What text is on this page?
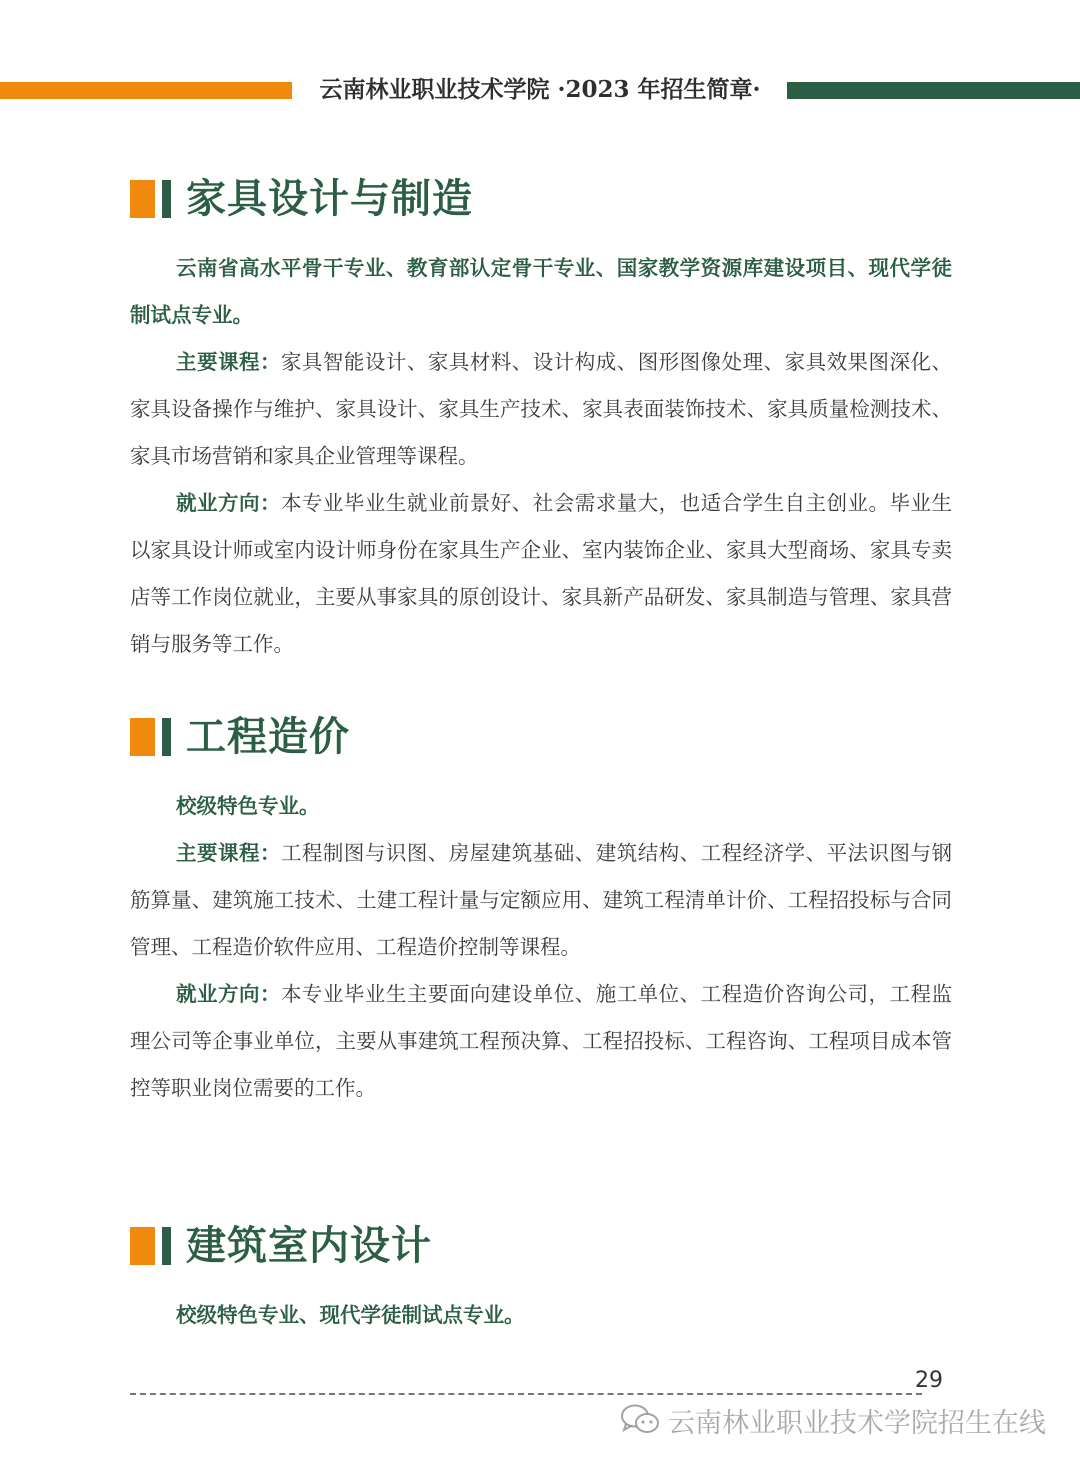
云南林业职业技术学院 ·2023 年招生简章·
家具设计与制造

云南省高水平骨干专业、教育部认定骨干专业、国家教学资源库建设项目、现代学徒制试点专业。

主要课程：家具智能设计、家具材料、设计构成、图形图像处理、家具效果图深化、家具设备操作与维护、家具设计、家具生产技术、家具表面装饰技术、家具质量检测技术、家具市场营销和家具企业管理等课程。

就业方向：本专业毕业生就业前景好、社会需求量大，也适合学生自主创业。毕业生以家具设计师或室内设计师身份在家具生产企业、室内装饰企业、家具大型商场、家具专卖店等工作岗位就业，主要从事家具的原创设计、家具新产品研发、家具制造与管理、家具营销与服务等工作。

工程造价

校级特色专业。

主要课程：工程制图与识图、房屋建筑基础、建筑结构、工程经济学、平法识图与钢筋算量、建筑施工技术、土建工程计量与定额应用、建筑工程清单计价、工程招投标与合同管理、工程造价软件应用、工程造价控制等课程。

就业方向：本专业毕业生主要面向建设单位、施工单位、工程造价咨询公司，工程监理公司等企事业单位，主要从事建筑工程预决算、工程招投标、工程咨询、工程项目成本管控等职业岗位需要的工作。

建筑室内设计

校级特色专业、现代学徒制试点专业。

29
云南林业职业技术学院招生在线
